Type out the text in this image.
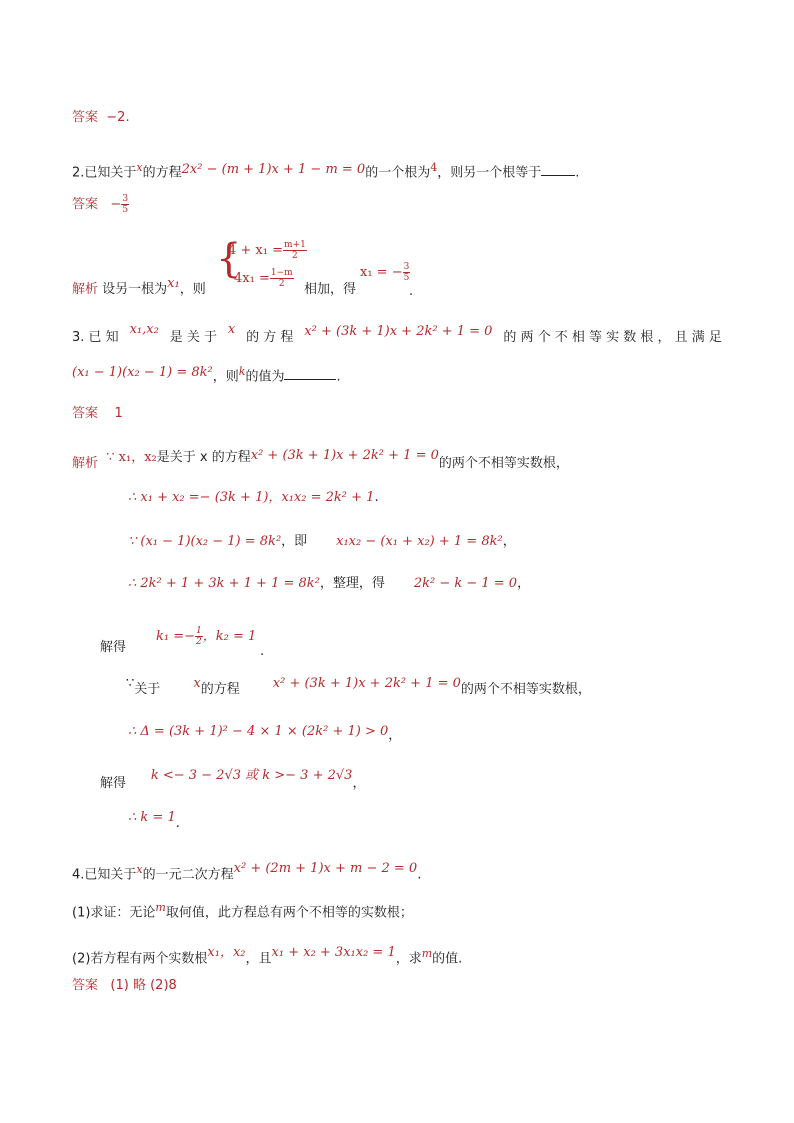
答案 −2.
2.已知关于$^x$的方程2x² − (m + 1)x + 1 − m = 0的一个根为$^4$，则另一个根等于	.
答案 − $\frac{3}{5}$
解析 设另一根为x₁，则
{
$4 + x_1 = \frac{m+1}{2}$
$4x_1 = \frac{1-m}{2}$
相加，得
x₁ = − $\frac{3}{5}$
.
3. 已 知
x₁,x₂
是 关 于
x
的 方 程 x² + (3k + 1)x + 2k² + 1 = 0 的 两 个 不 相 等 实 数 根 ， 且 满 足
(x₁ − 1)(x₂ − 1) = 8k²，则$^k$的值为	.
答案 1
解析 ∵ x₁，x₂是关于 x 的方程x² + (3k + 1)x + 2k² + 1 = 0的两个不相等实数根，
∴ x₁ + x₂ =− (3k + 1)，x₁x₂ = 2k² + 1.
∵ (x₁ − 1)(x₂ − 1) = 8k²，即 x₁x₂ − (x₁ + x₂) + 1 = 8k²，
∴ 2k² + 1 + 3k + 1 + 1 = 8k²，整理，得 2k² − k − 1 = 0，
解得
$k_1 =- \frac{1}{2}$ ，k₂ = 1
.
∵关于	x的方程	x² + (3k + 1)x + 2k² + 1 = 0的两个不相等实数根，
∴ Δ = (3k + 1)² − 4 × 1 × (2k² + 1) > 0，
解得      k <− 3 − 2√3 或 k >− 3 + 2√3，
∴ k = 1.
4.已知关于$^x$的一元二次方程x² + (2m + 1)x + m − 2 = 0.
(1)求证：无论$^m$取何值，此方程总有两个不相等的实数根；
(2)若方程有两个实数根x₁，x₂，且x₁ + x₂ + 3x₁x₂ = 1，求$^m$的值.
答案 (1) 略 (2)8
